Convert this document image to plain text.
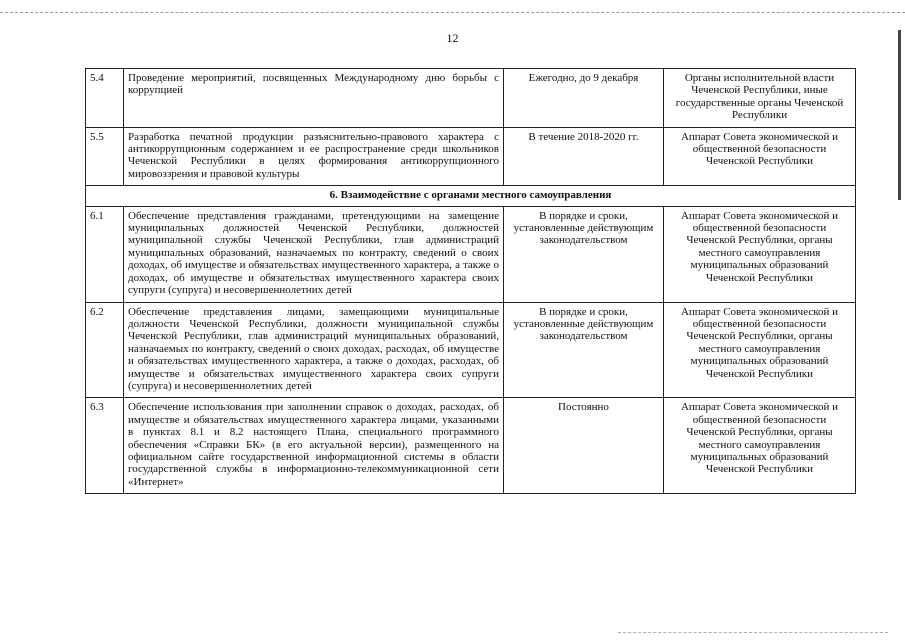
12
5.4	Проведение мероприятий, посвященных Международному дню борьбы с коррупцией	Ежегодно, до 9 декабря	Органы исполнительной власти Чеченской Республики, иные государственные органы Чеченской Республики
5.5	Разработка печатной продукции разъяснительно-правового характера с антикоррупционным содержанием и ее распространение среди школьников Чеченской Республики в целях формирования антикоррупционного мировоззрения и правовой культуры	В течение 2018-2020 гг.	Аппарат Совета экономической и общественной безопасности Чеченской Республики
6. Взаимодействие с органами местного самоуправления			
6.1	Обеспечение представления гражданами, претендующими на замещение муниципальных должностей Чеченской Республики, должностей муниципальной службы Чеченской Республики, глав администраций муниципальных образований, назначаемых по контракту, сведений о своих доходах, об имуществе и обязательствах имущественного характера, а также о доходах, об имуществе и обязательствах имущественного характера своих супруги (супруга) и несовершеннолетних детей	В порядке и сроки, установленные действующим законодательством	Аппарат Совета экономической и общественной безопасности Чеченской Республики, органы местного самоуправления муниципальных образований Чеченской Республики
6.2	Обеспечение представления лицами, замещающими муниципальные должности Чеченской Республики, должности муниципальной службы Чеченской Республики, глав администраций муниципальных образований, назначаемых по контракту, сведений о своих доходах, расходах, об имуществе и обязательствах имущественного характера, а также о доходах, расходах, об имуществе и обязательствах имущественного характера своих супруги (супруга) и несовершеннолетних детей	В порядке и сроки, установленные действующим законодательством	Аппарат Совета экономической и общественной безопасности Чеченской Республики, органы местного самоуправления муниципальных образований Чеченской Республики
6.3	Обеспечение использования при заполнении справок о доходах, расходах, об имуществе и обязательствах имущественного характера лицами, указанными в пунктах 8.1 и 8.2 настоящего Плана, специального программного обеспечения «Справки БК» (в его актуальной версии), размещенного на официальном сайте государственной информационной системы в области государственной службы в информационно-телекоммуникационной сети «Интернет»	Постоянно	Аппарат Совета экономической и общественной безопасности Чеченской Республики, органы местного самоуправления муниципальных образований Чеченской Республики
